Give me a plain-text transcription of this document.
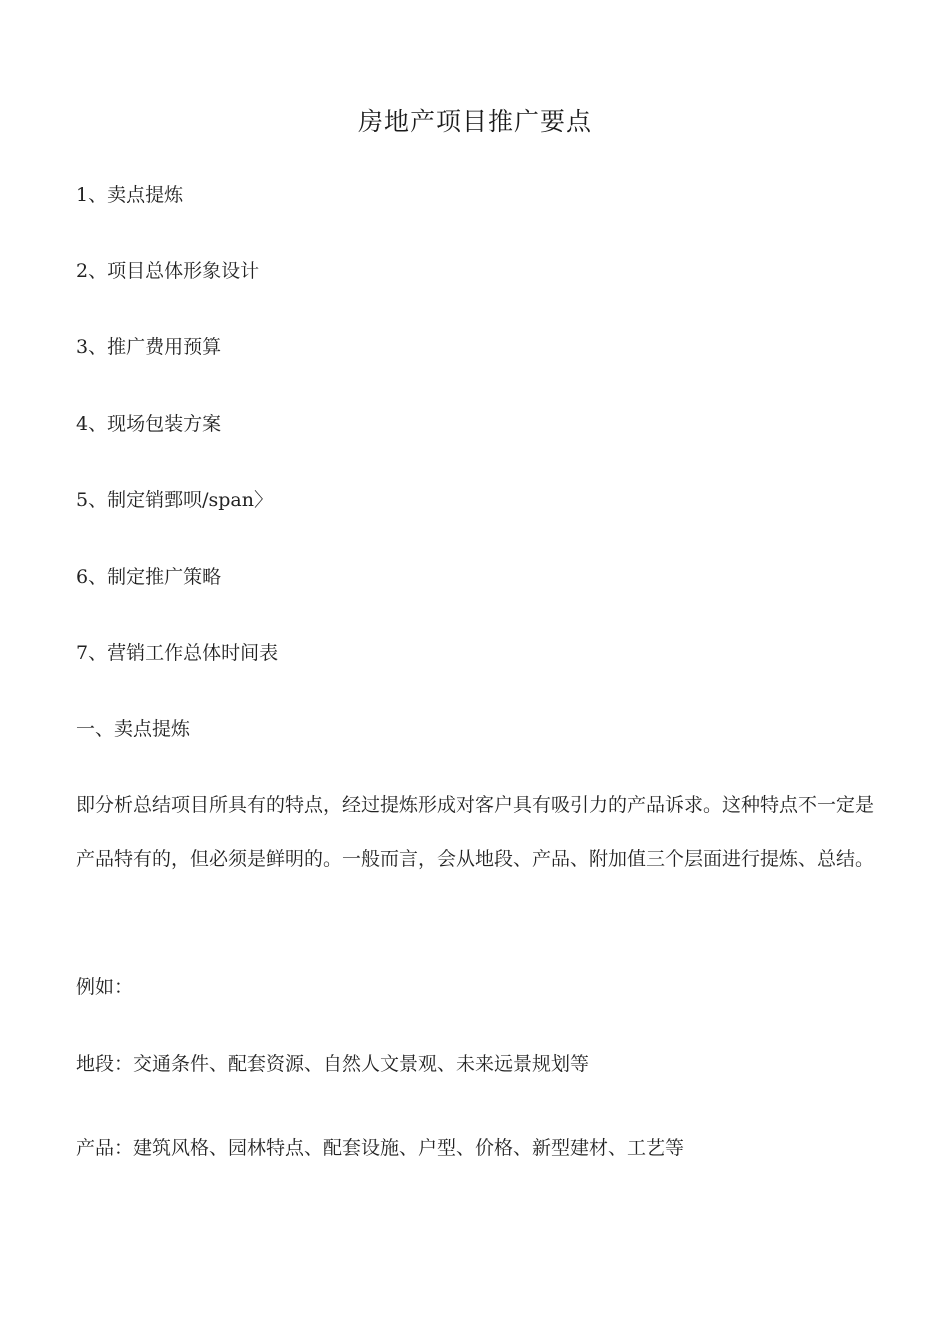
房地产项目推广要点
1、卖点提炼
2、项目总体形象设计
3、推广费用预算
4、现场包装方案
5、制定销鄄呗/span〉
6、制定推广策略
7、营销工作总体时间表
一、卖点提炼
即分析总结项目所具有的特点，经过提炼形成对客户具有吸引力的产品诉求。这种特点不一定是产品特有的，但必须是鲜明的。一般而言，会从地段、产品、附加值三个层面进行提炼、总结。
例如：
地段：交通条件、配套资源、自然人文景观、未来远景规划等
产品：建筑风格、园林特点、配套设施、户型、价格、新型建材、工艺等
